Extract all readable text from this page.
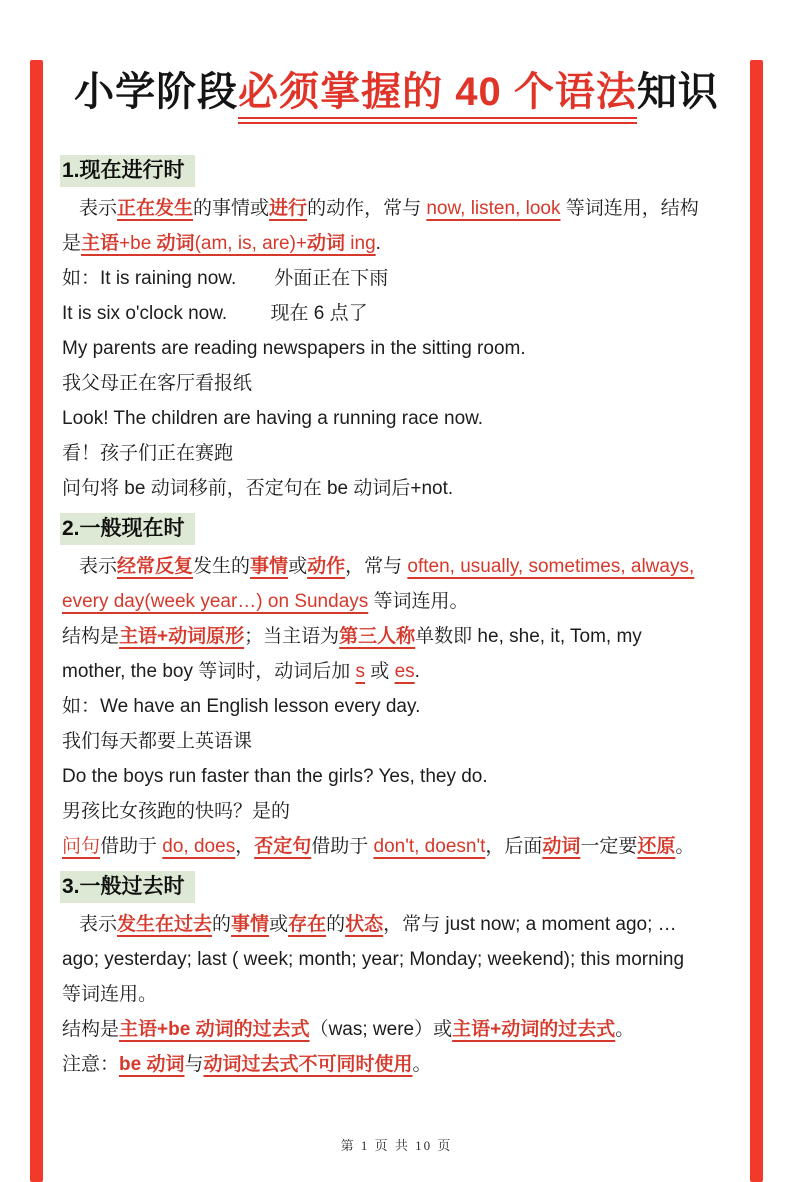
小学阶段必须掌握的 40 个语法知识
1.现在进行时
表示正在发生的事情或进行的动作，常与 now, listen, look 等词连用，结构
是主语+be 动词(am, is, are)+动词 ing.
如：It is raining now.　　外面正在下雨
It is six o'clock now.　　 现在 6 点了
My parents are reading newspapers in the sitting room.
我父母正在客厅看报纸
Look! The children are having a running race now.
看！孩子们正在赛跑
问句将 be 动词移前，否定句在 be 动词后+not.
2.一般现在时
表示经常反复发生的事情或动作，常与 often, usually, sometimes, always,
every day(week year…) on Sundays 等词连用。
结构是主语+动词原形；当主语为第三人称单数即 he, she, it, Tom, my
mother, the boy 等词时，动词后加 s 或 es.
如：We have an English lesson every day.
我们每天都要上英语课
Do the boys run faster than the girls? Yes, they do.
男孩比女孩跑的快吗？是的
问句借助于 do, does，否定句借助于 don't, doesn't，后面动词一定要还原。
3.一般过去时
表示发生在过去的事情或存在的状态，常与 just now; a moment ago; …
ago; yesterday; last ( week; month; year; Monday; weekend); this morning
等词连用。
结构是主语+be 动词的过去式（was; were）或主语+动词的过去式。
注意：be 动词与动词过去式不可同时使用。
第 1 页 共 10 页
